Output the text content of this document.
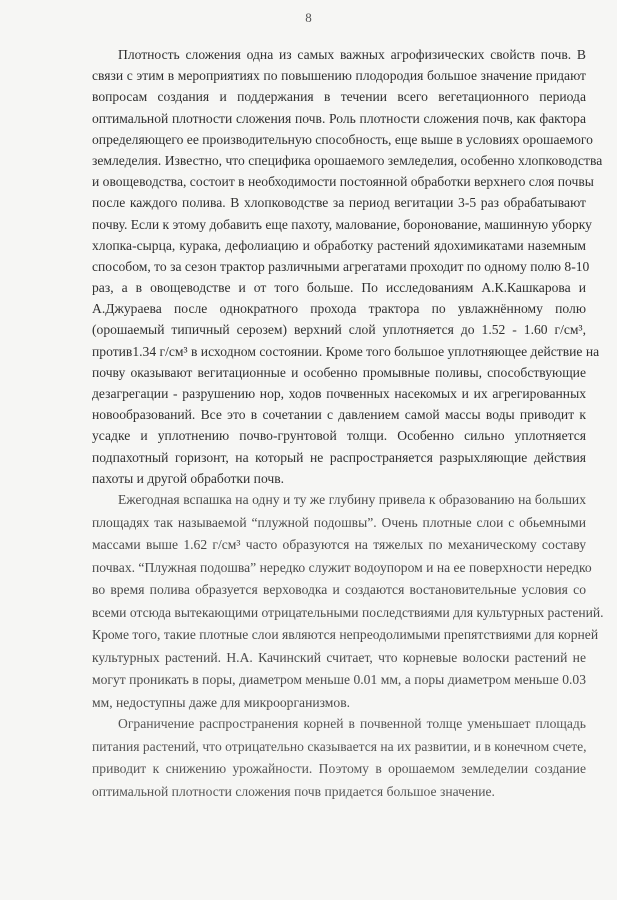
8
Плотность сложения одна из самых важных агрофизических свойств почв. В
связи с этим в мероприятиях по повышению плодородия большое значение придают
вопросам создания и поддержания в течении всего вегетационного периода
оптимальной плотности сложения почв. Роль плотности сложения почв, как фактора
определяющего ее производительную способность, еще выше в условиях орошаемого
земледелия. Известно, что специфика орошаемого земледелия, особенно хлопководства
и овощеводства, состоит в необходимости постоянной обработки верхнего слоя почвы
после каждого полива. В хлопководстве за период вегитации 3-5 раз обрабатывают
почву. Если к этому добавить еще пахоту, малование, боронование, машинную уборку
хлопка-сырца, курака, дефолиацию и обработку растений ядохимикатами наземным
способом, то за сезон трактор различными агрегатами проходит по одному полю 8-10
раз, а в овощеводстве и от того больше. По исследованиям А.К.Кашкарова и
А.Джураева после однократного прохода трактора по увлажнённому полю
(орошаемый типичный серозем) верхний слой уплотняется до 1.52 - 1.60 г/см³,
против1.34 г/см³ в исходном состоянии. Кроме того большое уплотняющее действие на
почву оказывают вегитационные и особенно промывные поливы, способствующие
дезагрегации - разрушению нор, ходов почвенных насекомых и их агрегированных
новообразований. Все это в сочетании с давлением самой массы воды приводит к
усадке и уплотнению почво-грунтовой толщи. Особенно сильно уплотняется
подпахотный горизонт, на который не распространяется разрыхляющие действия
пахоты и другой обработки почв.
Ежегодная вспашка на одну и ту же глубину привела к образованию на больших
площадях так называемой “плужной подошвы”. Очень плотные слои с обьемными
массами выше 1.62 г/см³ часто образуются на тяжелых по механическому составу
почвах. “Плужная подошва” нередко служит водоупором и на ее поверхности нередко
во время полива образуется верховодка и создаются востановительные условия со
всеми отсюда вытекающими отрицательными последствиями для культурных растений.
Кроме того, такие плотные слои являются непреодолимыми препятствиями для корней
культурных растений. Н.А. Качинский считает, что корневые волоски растений не
могут проникать в поры, диаметром меньше 0.01 мм, а поры диаметром меньше 0.03
мм, недоступны даже для микроорганизмов.
Ограничение распространения корней в почвенной толще уменьшает площадь
питания растений, что отрицательно сказывается на их развитии, и в конечном счете,
приводит к снижению урожайности. Поэтому в орошаемом земледелии создание
оптимальной плотности сложения почв придается большое значение.
